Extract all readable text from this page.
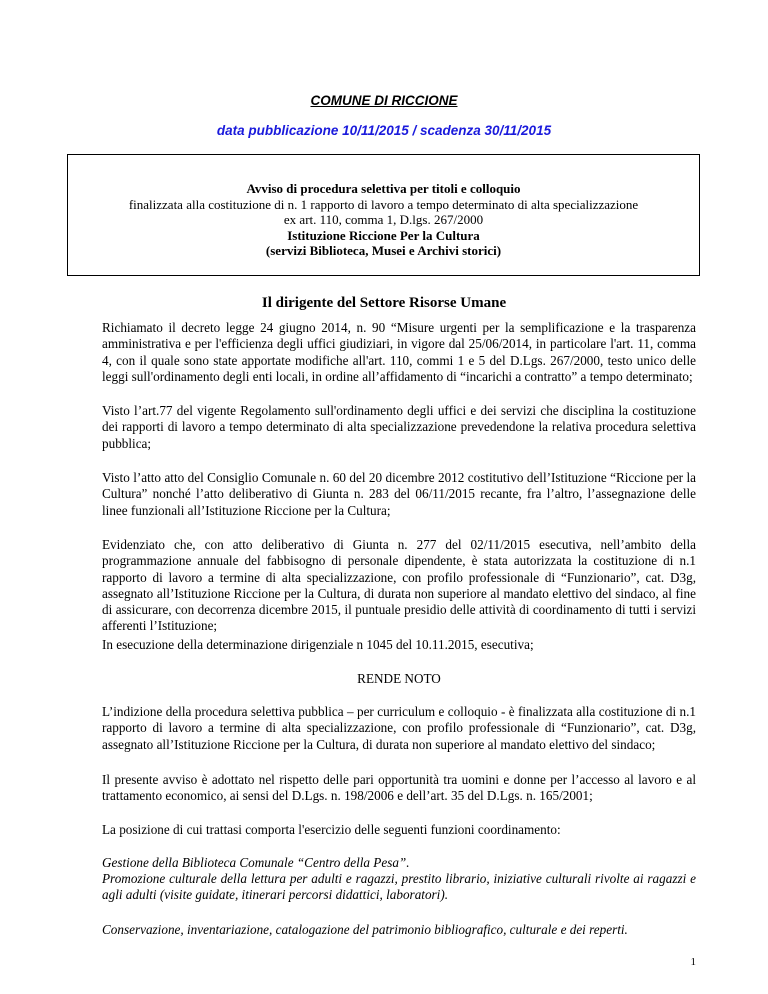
COMUNE DI RICCIONE
data pubblicazione 10/11/2015 / scadenza 30/11/2015
Avviso di procedura selettiva per titoli e colloquio
finalizzata alla costituzione di n. 1 rapporto di lavoro a tempo determinato di alta specializzazione
ex art. 110, comma 1, D.lgs. 267/2000
Istituzione Riccione Per la Cultura
(servizi Biblioteca, Musei e Archivi storici)
Il dirigente del Settore Risorse Umane

Richiamato il decreto legge 24 giugno 2014, n. 90 “Misure urgenti per la semplificazione e la trasparenza amministrativa e per l'efficienza degli uffici giudiziari, in vigore dal 25/06/2014, in particolare l'art. 11, comma 4, con il quale sono state apportate modifiche all'art. 110, commi 1 e 5 del D.Lgs. 267/2000, testo unico delle leggi sull'ordinamento degli enti locali, in ordine all’affidamento di “incarichi a contratto” a tempo determinato;

Visto l’art.77 del vigente Regolamento sull'ordinamento degli uffici e dei servizi che disciplina la costituzione dei rapporti di lavoro a tempo determinato di alta specializzazione prevedendone la relativa procedura selettiva pubblica;

Visto l’atto atto del Consiglio Comunale n. 60 del 20 dicembre 2012 costitutivo dell’Istituzione “Riccione per la Cultura” nonché l’atto deliberativo di Giunta n. 283 del 06/11/2015 recante, fra l’altro, l’assegnazione delle linee funzionali all’Istituzione Riccione per la Cultura;

Evidenziato che, con atto deliberativo di Giunta n. 277 del 02/11/2015 esecutiva, nell’ambito della programmazione annuale del fabbisogno di personale dipendente, è stata autorizzata la costituzione di n.1 rapporto di lavoro a termine di alta specializzazione, con profilo professionale di “Funzionario”, cat. D3g, assegnato all’Istituzione Riccione per la Cultura, di durata non superiore al mandato elettivo del sindaco, al fine di assicurare, con decorrenza dicembre 2015, il puntuale presidio delle attività di coordinamento di tutti i servizi afferenti l’Istituzione;

In esecuzione della determinazione dirigenziale n 1045 del 10.11.2015, esecutiva;

RENDE NOTO

L’indizione della procedura selettiva pubblica – per curriculum e colloquio - è finalizzata alla costituzione di n.1 rapporto di lavoro a termine di alta specializzazione, con profilo professionale di “Funzionario”, cat. D3g, assegnato all’Istituzione Riccione per la Cultura, di durata non superiore al mandato elettivo del sindaco;

Il presente avviso è adottato nel rispetto delle pari opportunità tra uomini e donne per l’accesso al lavoro e al trattamento economico, ai sensi del D.Lgs. n. 198/2006 e dell’art. 35 del D.Lgs. n. 165/2001;

La posizione di cui trattasi comporta l'esercizio delle seguenti funzioni coordinamento:

Gestione della Biblioteca Comunale “Centro della Pesa”.

Promozione culturale della lettura per adulti e ragazzi, prestito librario, iniziative culturali rivolte ai ragazzi e agli adulti (visite guidate, itinerari percorsi didattici, laboratori).

Conservazione, inventariazione, catalogazione del patrimonio bibliografico, culturale e dei reperti.

1
